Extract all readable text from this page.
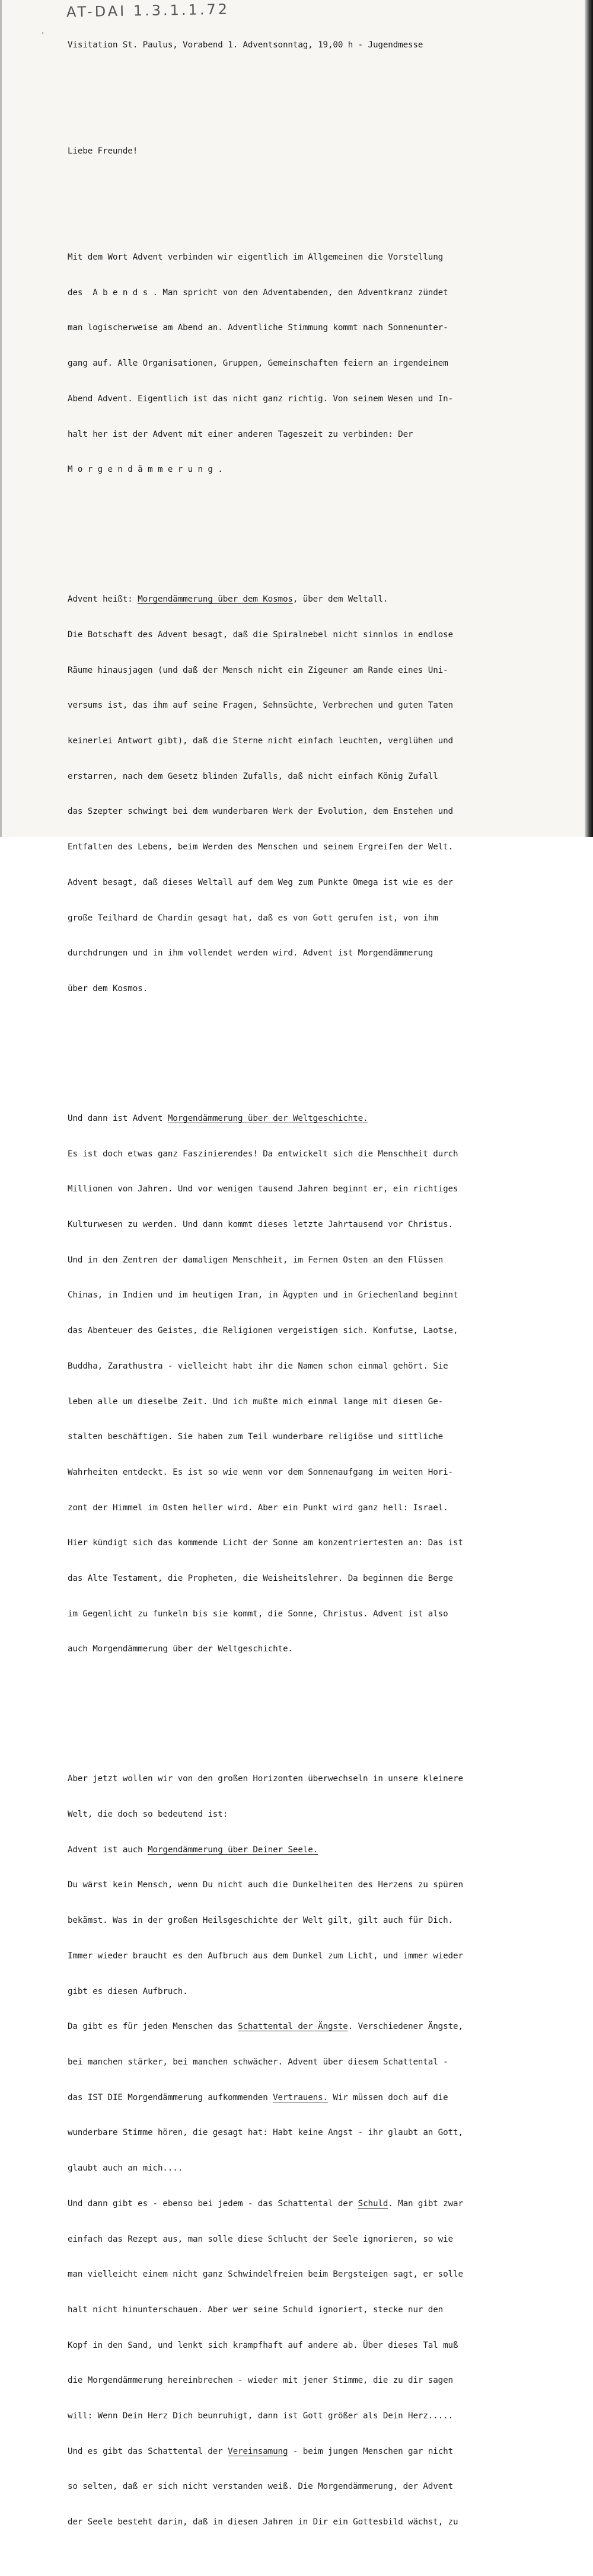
AT-DAI 1.3.1.1.72
,

Visitation St. Paulus, Vorabend 1. Adventsonntag, 19,00 h - Jugendmesse

Liebe Freunde!

Mit dem Wort Advent verbinden wir eigentlich im Allgemeinen die Vorstellung

des  A b e n d s . Man spricht von den Adventabenden, den Adventkranz zündet

man logischerweise am Abend an. Adventliche Stimmung kommt nach Sonnenunter-

gang auf. Alle Organisationen, Gruppen, Gemeinschaften feiern an irgendeinem

Abend Advent. Eigentlich ist das nicht ganz richtig. Von seinem Wesen und In-

halt her ist der Advent mit einer anderen Tageszeit zu verbinden: Der

M o r g e n d ä m m e r u n g .

Advent heißt: Morgendämmerung über dem Kosmos, über dem Weltall.

Die Botschaft des Advent besagt, daß die Spiralnebel nicht sinnlos in endlose

Räume hinausjagen (und daß der Mensch nicht ein Zigeuner am Rande eines Uni-

versums ist, das ihm auf seine Fragen, Sehnsüchte, Verbrechen und guten Taten

keinerlei Antwort gibt), daß die Sterne nicht einfach leuchten, verglühen und

erstarren, nach dem Gesetz blinden Zufalls, daß nicht einfach König Zufall

das Szepter schwingt bei dem wunderbaren Werk der Evolution, dem Enstehen und

Entfalten des Lebens, beim Werden des Menschen und seinem Ergreifen der Welt.

Advent besagt, daß dieses Weltall auf dem Weg zum Punkte Omega ist wie es der

große Teilhard de Chardin gesagt hat, daß es von Gott gerufen ist, von ihm

durchdrungen und in ihm vollendet werden wird. Advent ist Morgendämmerung

über dem Kosmos.

Und dann ist Advent Morgendämmerung über der Weltgeschichte.

Es ist doch etwas ganz Faszinierendes! Da entwickelt sich die Menschheit durch

Millionen von Jahren. Und vor wenigen tausend Jahren beginnt er, ein richtiges

Kulturwesen zu werden. Und dann kommt dieses letzte Jahrtausend vor Christus.

Und in den Zentren der damaligen Menschheit, im Fernen Osten an den Flüssen

Chinas, in Indien und im heutigen Iran, in Ägypten und in Griechenland beginnt

das Abenteuer des Geistes, die Religionen vergeistigen sich. Konfutse, Laotse,

Buddha, Zarathustra - vielleicht habt ihr die Namen schon einmal gehört. Sie

leben alle um dieselbe Zeit. Und ich mußte mich einmal lange mit diesen Ge-

stalten beschäftigen. Sie haben zum Teil wunderbare religiöse und sittliche

Wahrheiten entdeckt. Es ist so wie wenn vor dem Sonnenaufgang im weiten Hori-

zont der Himmel im Osten heller wird. Aber ein Punkt wird ganz hell: Israel.

Hier kündigt sich das kommende Licht der Sonne am konzentriertesten an: Das ist

das Alte Testament, die Propheten, die Weisheitslehrer. Da beginnen die Berge

im Gegenlicht zu funkeln bis sie kommt, die Sonne, Christus. Advent ist also

auch Morgendämmerung über der Weltgeschichte.

Aber jetzt wollen wir von den großen Horizonten überwechseln in unsere kleinere

Welt, die doch so bedeutend ist:

Advent ist auch Morgendämmerung über Deiner Seele.

Du wärst kein Mensch, wenn Du nicht auch die Dunkelheiten des Herzens zu spüren

bekämst. Was in der großen Heilsgeschichte der Welt gilt, gilt auch für Dich.

Immer wieder braucht es den Aufbruch aus dem Dunkel zum Licht, und immer wieder

gibt es diesen Aufbruch.

Da gibt es für jeden Menschen das Schattental der Ängste. Verschiedener Ängste,

bei manchen stärker, bei manchen schwächer. Advent über diesem Schattental -

das IST DIE Morgendämmerung aufkommenden Vertrauens. Wir müssen doch auf die

wunderbare Stimme hören, die gesagt hat: Habt keine Angst - ihr glaubt an Gott,

glaubt auch an mich....

Und dann gibt es - ebenso bei jedem - das Schattental der Schuld. Man gibt zwar

einfach das Rezept aus, man solle diese Schlucht der Seele ignorieren, so wie

man vielleicht einem nicht ganz Schwindelfreien beim Bergsteigen sagt, er solle

halt nicht hinunterschauen. Aber wer seine Schuld ignoriert, stecke nur den

Kopf in den Sand, und lenkt sich krampfhaft auf andere ab. Über dieses Tal muß

die Morgendämmerung hereinbrechen - wieder mit jener Stimme, die zu dir sagen

will: Wenn Dein Herz Dich beunruhigt, dann ist Gott größer als Dein Herz.....

Und es gibt das Schattental der Vereinsamung - beim jungen Menschen gar nicht

so selten, daß er sich nicht verstanden weiß. Die Morgendämmerung, der Advent

der Seele besteht darin, daß in diesen Jahren in Dir ein Gottesbild wächst, zu
